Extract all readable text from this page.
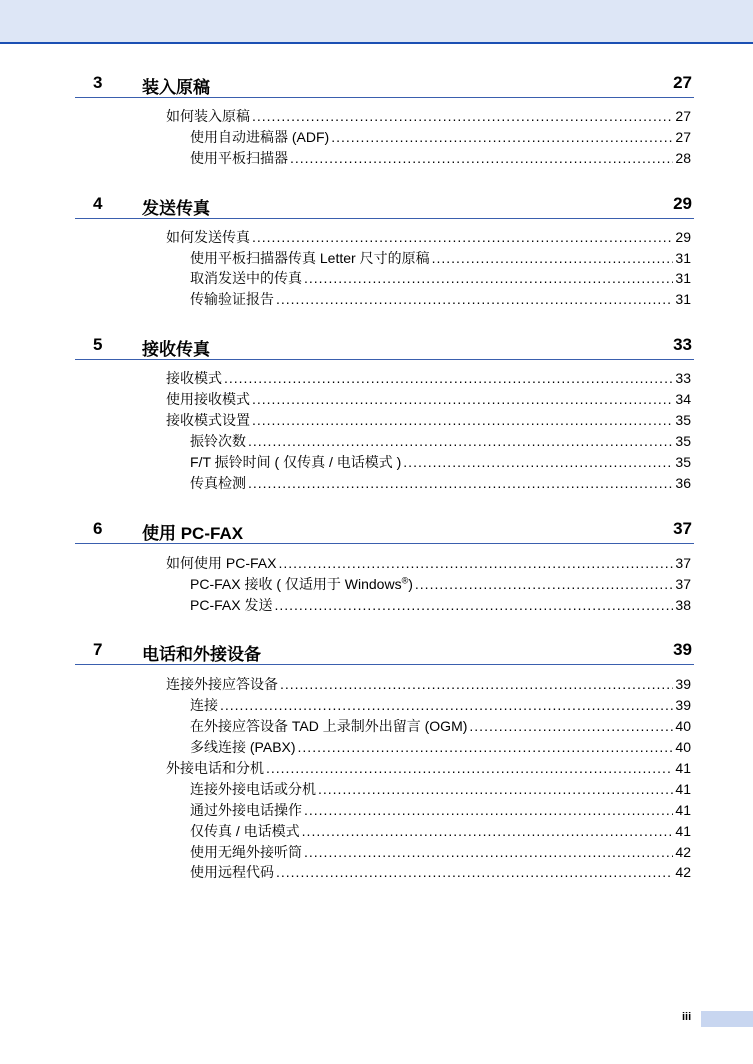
3 装入原稿	27
如何装入原稿 .....	27
使用自动进稿器 (ADF) .....	27
使用平板扫描器 .....	28
4 发送传真	29
如何发送传真 .....	29
使用平板扫描器传真 Letter 尺寸的原稿 .....	31
取消发送中的传真 .....	31
传输验证报告 .....	31
5 接收传真	33
接收模式 .....	33
使用接收模式 .....	34
接收模式设置 .....	35
振铃次数 .....	35
F/T 振铃时间 ( 仅传真 / 电话模式 ) .....	35
传真检测 .....	36
6 使用 PC-FAX	37
如何使用 PC-FAX .....	37
PC-FAX 接收 ( 仅适用于 Windows®) .....	37
PC-FAX 发送 .....	38
7 电话和外接设备	39
连接外接应答设备 .....	39
连接 .....	39
在外接应答设备 TAD 上录制外出留言 (OGM) .....	40
多线连接 (PABX) .....	40
外接电话和分机 .....	41
连接外接电话或分机 .....	41
通过外接电话操作 .....	41
仅传真 / 电话模式 .....	41
使用无绳外接听筒 .....	42
使用远程代码 .....	42
iii
